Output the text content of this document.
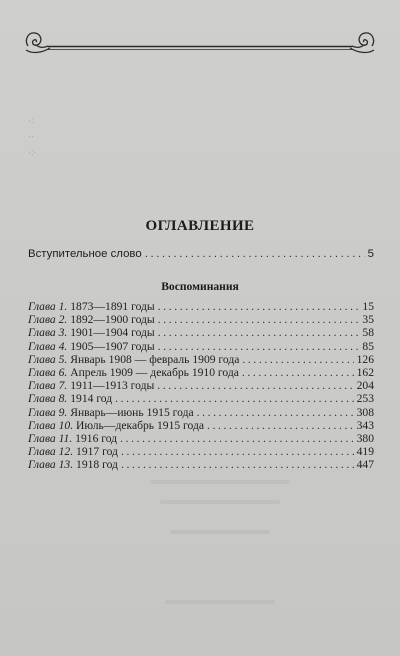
·:
··
·:·
ОГЛАВЛЕНИЕ
Вступительное слово .....	5
Воспоминания
Глава 1. 1873—1891 годы .....	15
Глава 2. 1892—1900 годы .....	35
Глава 3. 1901—1904 годы .....	58
Глава 4. 1905—1907 годы .....	85
Глава 5. Январь 1908 — февраль 1909 года .....	126
Глава 6. Апрель 1909 — декабрь 1910 года .....	162
Глава 7. 1911—1913 годы .....	204
Глава 8. 1914 год .....	253
Глава 9. Январь—июнь 1915 года .....	308
Глава 10. Июль—декабрь 1915 года .....	343
Глава 11. 1916 год .....	380
Глава 12. 1917 год .....	419
Глава 13. 1918 год .....	447
